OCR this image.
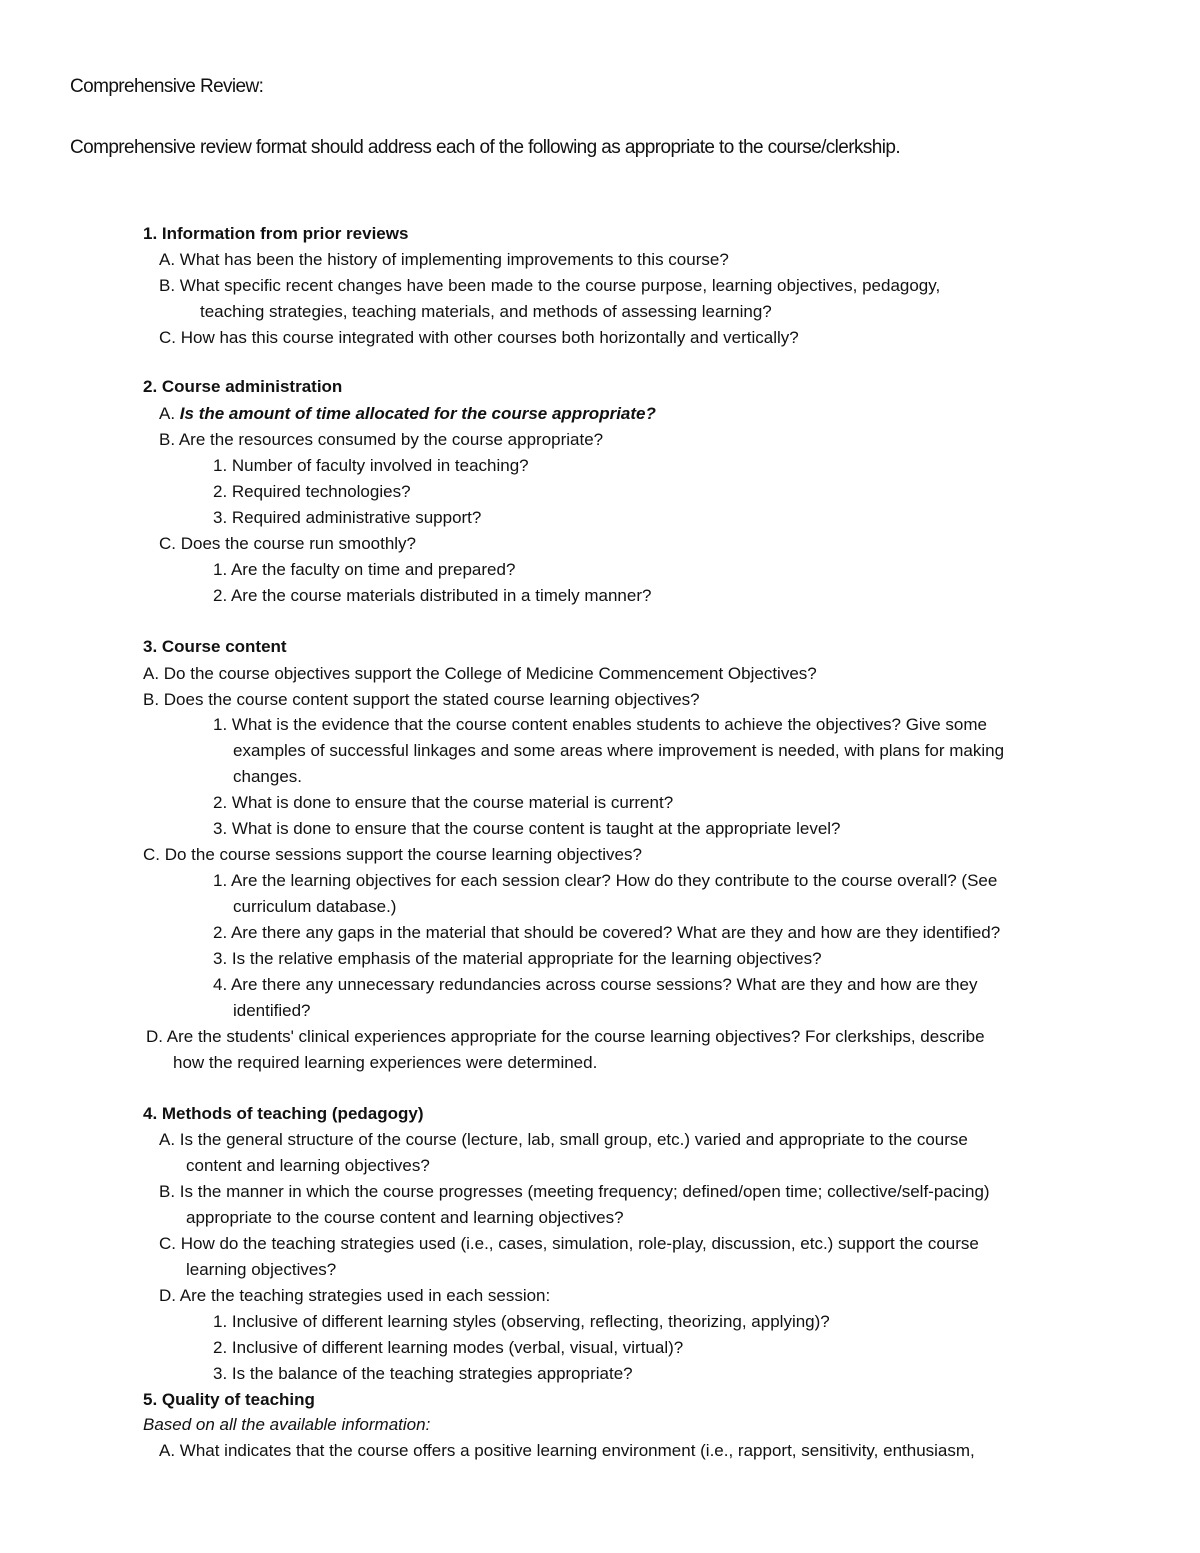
Comprehensive Review:
Comprehensive review format should address each of the following as appropriate to the course/clerkship.
1. Information from prior reviews
A. What has been the history of implementing improvements to this course?
B. What specific recent changes have been made to the course purpose, learning objectives, pedagogy,
teaching strategies, teaching materials, and methods of assessing learning?
C. How has this course integrated with other courses both horizontally and vertically?
2. Course administration
A. Is the amount of time allocated for the course appropriate?
B. Are the resources consumed by the course appropriate?
1. Number of faculty involved in teaching?
2. Required technologies?
3. Required administrative support?
C. Does the course run smoothly?
1. Are the faculty on time and prepared?
2. Are the course materials distributed in a timely manner?
3. Course content
A. Do the course objectives support the College of Medicine Commencement Objectives?
B. Does the course content support the stated course learning objectives?
1. What is the evidence that the course content enables students to achieve the objectives? Give some
examples of successful linkages and some areas where improvement is needed, with plans for making
changes.
2. What is done to ensure that the course material is current?
3. What is done to ensure that the course content is taught at the appropriate level?
C. Do the course sessions support the course learning objectives?
1. Are the learning objectives for each session clear? How do they contribute to the course overall? (See
curriculum database.)
2. Are there any gaps in the material that should be covered? What are they and how are they identified?
3. Is the relative emphasis of the material appropriate for the learning objectives?
4. Are there any unnecessary redundancies across course sessions? What are they and how are they
identified?
D. Are the students' clinical experiences appropriate for the course learning objectives? For clerkships, describe
how the required learning experiences were determined.
4. Methods of teaching (pedagogy)
A. Is the general structure of the course (lecture, lab, small group, etc.) varied and appropriate to the course
content and learning objectives?
B. Is the manner in which the course progresses (meeting frequency; defined/open time; collective/self-pacing)
appropriate to the course content and learning objectives?
C. How do the teaching strategies used (i.e., cases, simulation, role-play, discussion, etc.) support the course
learning objectives?
D. Are the teaching strategies used in each session:
1. Inclusive of different learning styles (observing, reflecting, theorizing, applying)?
2. Inclusive of different learning modes (verbal, visual, virtual)?
3. Is the balance of the teaching strategies appropriate?
5. Quality of teaching
Based on all the available information:
A. What indicates that the course offers a positive learning environment (i.e., rapport, sensitivity, enthusiasm,
